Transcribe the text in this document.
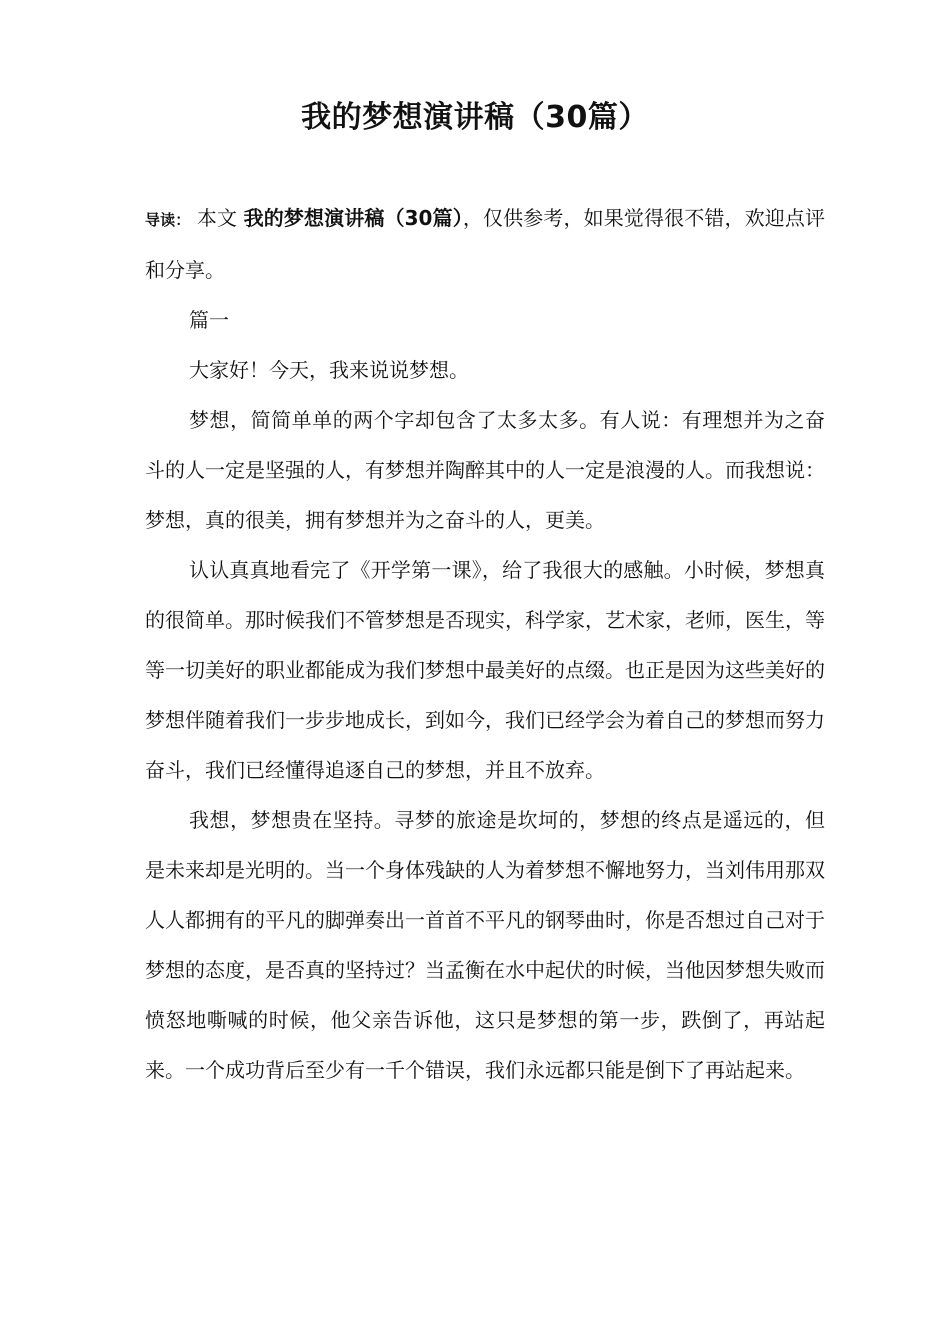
我的梦想演讲稿（30篇）

导读： 本文 我的梦想演讲稿（30篇），仅供参考，如果觉得很不错，欢迎点评和分享。

篇一

大家好！今天，我来说说梦想。

梦想，简简单单的两个字却包含了太多太多。有人说：有理想并为之奋斗的人一定是坚强的人，有梦想并陶醉其中的人一定是浪漫的人。而我想说：梦想，真的很美，拥有梦想并为之奋斗的人，更美。

认认真真地看完了《开学第一课》，给了我很大的感触。小时候，梦想真的很简单。那时候我们不管梦想是否现实，科学家，艺术家，老师，医生，等等一切美好的职业都能成为我们梦想中最美好的点缀。也正是因为这些美好的梦想伴随着我们一步步地成长，到如今，我们已经学会为着自己的梦想而努力奋斗，我们已经懂得追逐自己的梦想，并且不放弃。

我想，梦想贵在坚持。寻梦的旅途是坎坷的，梦想的终点是遥远的，但是未来却是光明的。当一个身体残缺的人为着梦想不懈地努力，当刘伟用那双人人都拥有的平凡的脚弹奏出一首首不平凡的钢琴曲时，你是否想过自己对于梦想的态度，是否真的坚持过？当孟衡在水中起伏的时候，当他因梦想失败而愤怒地嘶喊的时候，他父亲告诉他，这只是梦想的第一步，跌倒了，再站起来。一个成功背后至少有一千个错误，我们永远都只能是倒下了再站起来。
